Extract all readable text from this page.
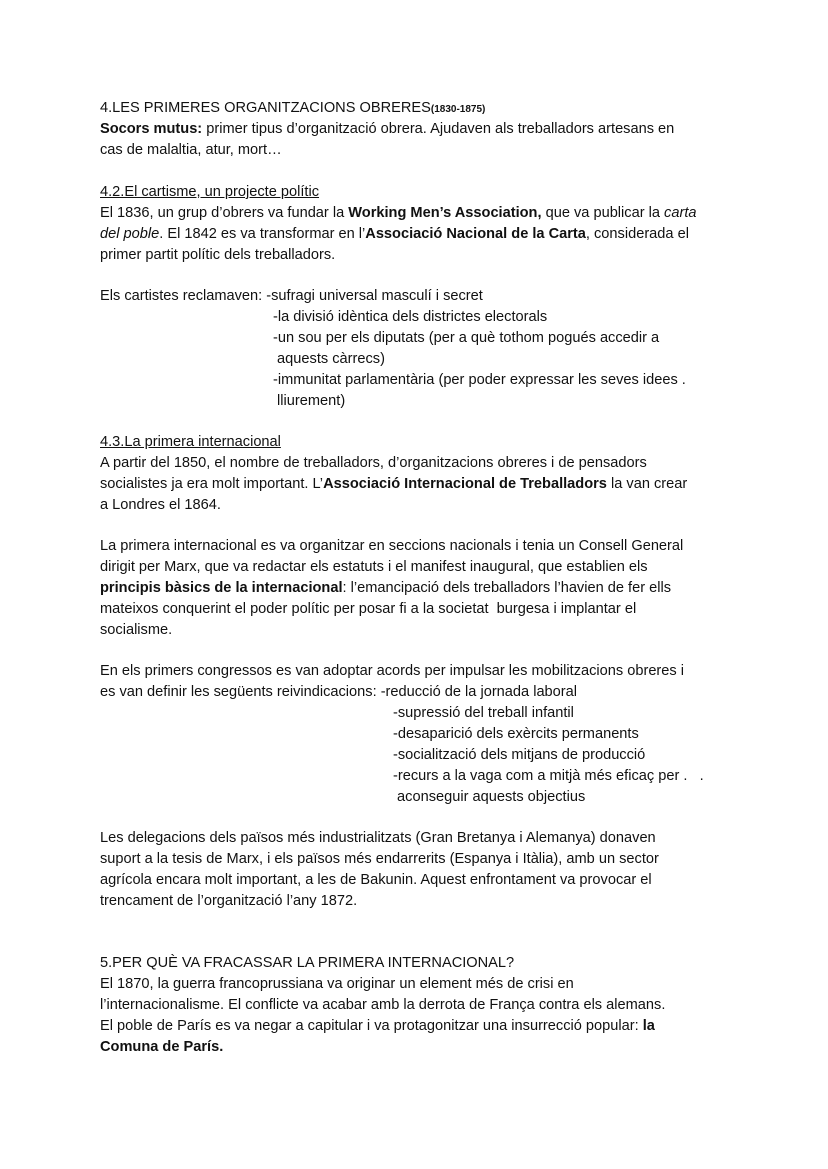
4.LES PRIMERES ORGANITZACIONS OBRERES(1830-1875)

Socors mutus: primer tipus d’organització obrera. Ajudaven als treballadors artesans en

cas de malaltia, atur, mort…

4.2.El cartisme, un projecte polític

El 1836, un grup d’obrers va fundar la Working Men’s Association, que va publicar la carta

del poble. El 1842 es va transformar en l’Associació Nacional de la Carta, considerada el

primer partit polític dels treballadors.

Els cartistes reclamaven: -sufragi universal masculí i secret

-la divisió idèntica dels districtes electorals

-un sou per els diputats (per a què tothom pogués accedir a

aquests càrrecs)

-immunitat parlamentària (per poder expressar les seves idees .

lliurement)

4.3.La primera internacional

A partir del 1850, el nombre de treballadors, d’organitzacions obreres i de pensadors

socialistes ja era molt important. L’Associació Internacional de Treballadors la van crear

a Londres el 1864.

La primera internacional es va organitzar en seccions nacionals i tenia un Consell General

dirigit per Marx, que va redactar els estatuts i el manifest inaugural, que establien els

principis bàsics de la internacional: l’emancipació dels treballadors l’havien de fer ells

mateixos conquerint el poder polític per posar fi a la societat  burgesa i implantar el

socialisme.

En els primers congressos es van adoptar acords per impulsar les mobilitzacions obreres i

es van definir les següents reivindicacions: -reducció de la jornada laboral

-supressió del treball infantil

-desaparició dels exèrcits permanents

-socialització dels mitjans de producció

-recurs a la vaga com a mitjà més eficaç per .   .

aconseguir aquests objectius

Les delegacions dels països més industrialitzats (Gran Bretanya i Alemanya) donaven

suport a la tesis de Marx, i els països més endarrerits (Espanya i Itàlia), amb un sector

agrícola encara molt important, a les de Bakunin. Aquest enfrontament va provocar el

trencament de l’organització l’any 1872.

5.PER QUÈ VA FRACASSAR LA PRIMERA INTERNACIONAL?

El 1870, la guerra francoprussiana va originar un element més de crisi en

l’internacionalisme. El conflicte va acabar amb la derrota de França contra els alemans.

El poble de París es va negar a capitular i va protagonitzar una insurrecció popular: la

Comuna de París.
